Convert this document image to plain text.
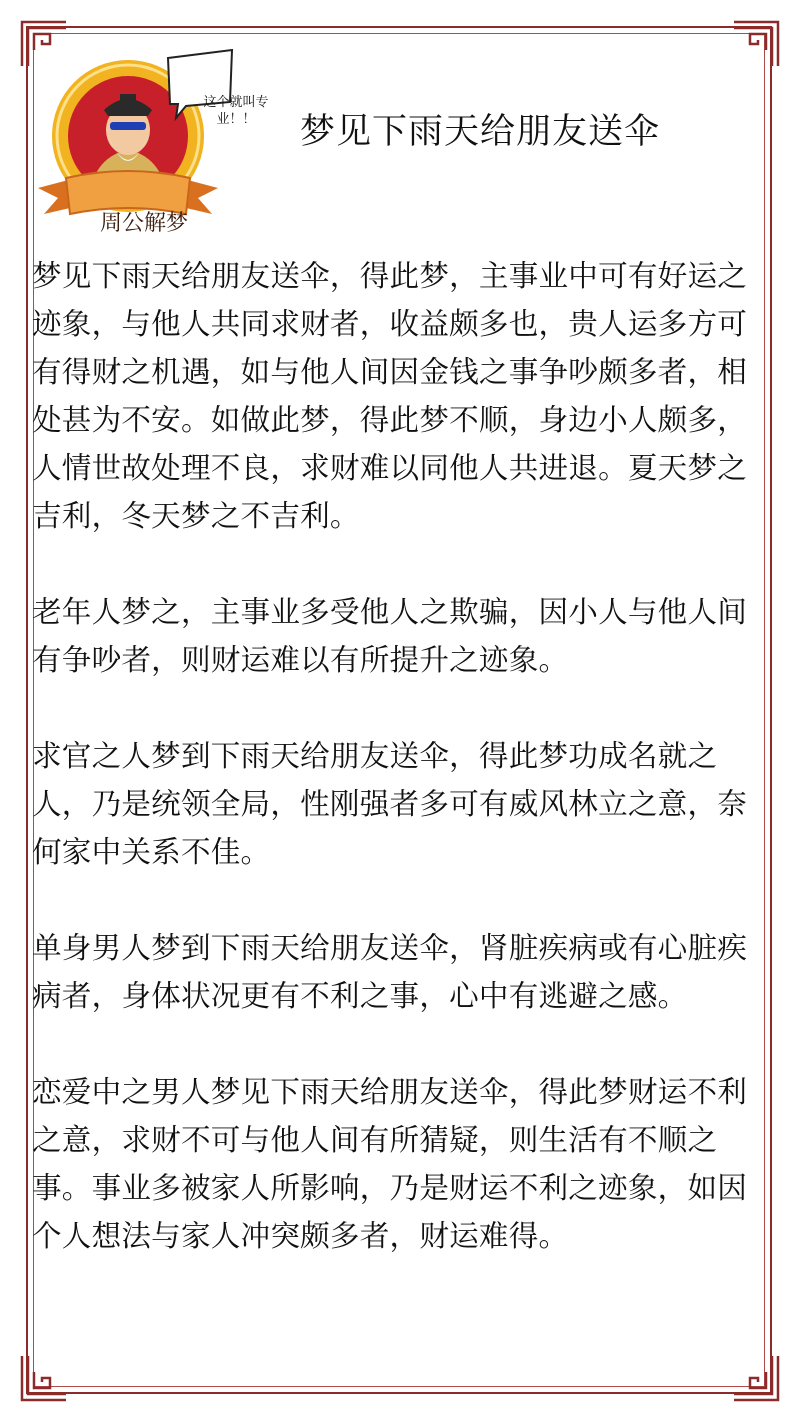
这个就叫专业！！
周公解梦
梦见下雨天给朋友送伞

梦见下雨天给朋友送伞，得此梦，主事业中可有好运之迹象，与他人共同求财者，收益颇多也，贵人运多方可有得财之机遇，如与他人间因金钱之事争吵颇多者，相处甚为不安。如做此梦，得此梦不顺，身边小人颇多，人情世故处理不良，求财难以同他人共进退。夏天梦之吉利，冬天梦之不吉利。

老年人梦之，主事业多受他人之欺骗，因小人与他人间有争吵者，则财运难以有所提升之迹象。

求官之人梦到下雨天给朋友送伞，得此梦功成名就之人，乃是统领全局，性刚强者多可有威风林立之意，奈何家中关系不佳。

单身男人梦到下雨天给朋友送伞，肾脏疾病或有心脏疾病者，身体状况更有不利之事，心中有逃避之感。

恋爱中之男人梦见下雨天给朋友送伞，得此梦财运不利之意，求财不可与他人间有所猜疑，则生活有不顺之事。事业多被家人所影响，乃是财运不利之迹象，如因个人想法与家人冲突颇多者，财运难得。
